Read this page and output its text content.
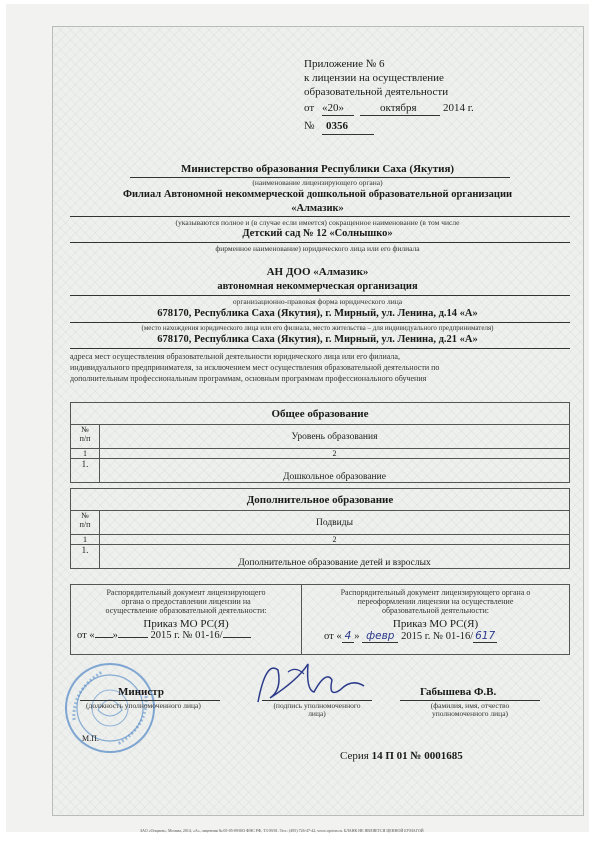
Приложение № 6
к лицензии на осуществление
образовательной деятельности
от «20»	октября 2014 г.
№ 0356
Министерство образования Республики Саха (Якутия)
(наименование лицензирующего органа)
Филиал Автономной некоммерческой дошкольной образовательной организации
«Алмазик»
(указываются полное и (в случае если имеется) сокращенное наименование (в том числе
Детский сад № 12 «Солнышко»
фирменное наименование) юридического лица или его филиала
АН ДОО «Алмазик»
автономная некоммерческая организация
организационно-правовая форма юридического лица
678170, Республика Саха (Якутия), г. Мирный, ул. Ленина, д.14 «А»
(место нахождения юридического лица или его филиала, место жительства – для индивидуального предпринимателя)
678170, Республика Саха (Якутия), г. Мирный, ул. Ленина, д.21 «А»
адреса мест осуществления образовательной деятельности юридического лица или его филиала,
индивидуального предпринимателя, за исключением мест осуществления образовательной деятельности по
дополнительным профессиональным программам, основным программам профессионального обучения
Общее образование	

№
п/п	Уровень образования
1	2
1.	Дошкольное образование
Дополнительное образование	

№
п/п	Подвиды
1	2
1.	Дополнительное образование детей и взрослых
Распорядительный документ лицензирующего
органа о предоставлении лицензии на
осуществление образовательной деятельности:
Приказ МО РС(Я)
от « »	2015 г. № 01-16/

Распорядительный документ лицензирующего органа о
переоформлении лицензии на осуществление
образовательной деятельности:
Приказ МО РС(Я)
от « 4 » февр 2015 г. № 01-16/ 617
Министр
(должность уполномоченного лица)	(подпись уполномоченного
лица)
Габышева Ф.В.
(фамилия, имя, отчество
уполномоченного лица)
М.П.
Серия 14 П 01 № 0001685
ЗАО «Опцион», Москва, 2014, «А», лицензия № 05-05-09/003 ФНС РФ, ТЗ 09/01. Тел.: (495) 726-47-42, www.opcion.ru. БЛАНК НЕ ЯВЛЯЕТСЯ ЦЕННОЙ БУМАГОЙ
